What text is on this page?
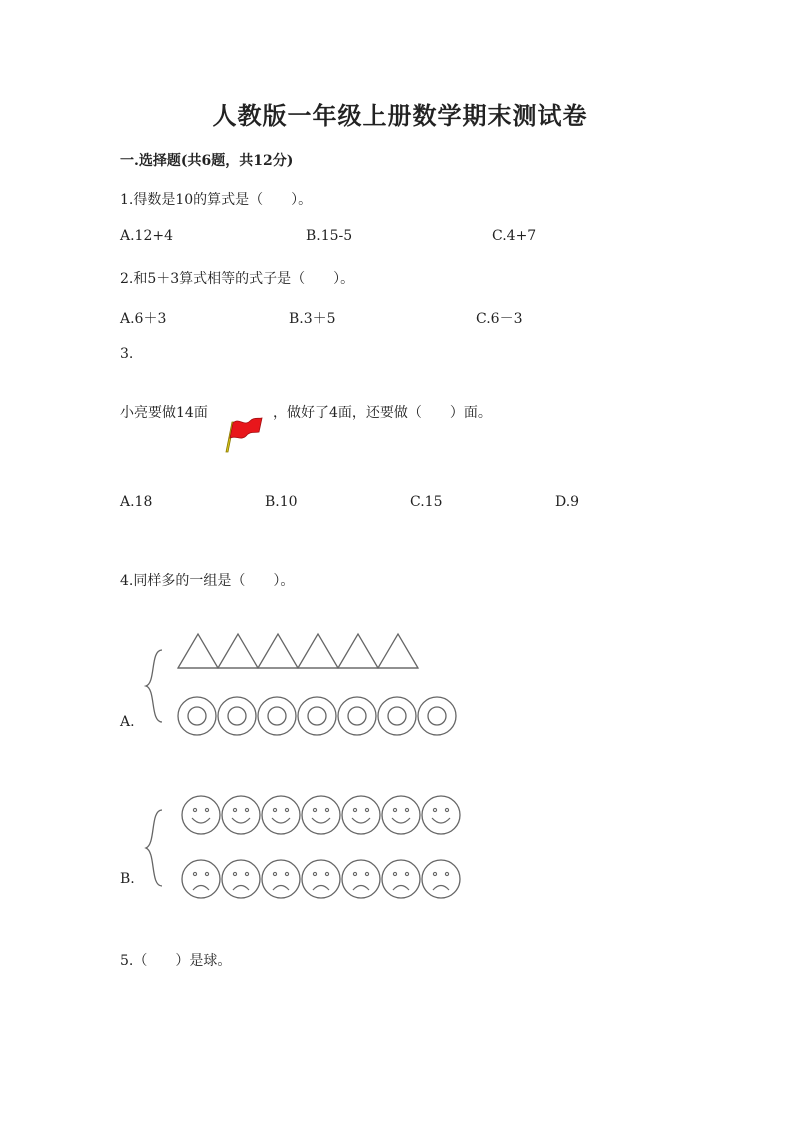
人教版一年级上册数学期末测试卷
一.选择题(共6题，共12分)
1.得数是10的算式是（　　）。
A.12+4	B.15-5	C.4+7
2.和5＋3算式相等的式子是（　　）。
A.6＋3	B.3＋5	C.6－3
3.
小亮要做14面	，做好了4面，还要做（　　）面。
A.18	B.10	C.15	D.9
4.同样多的一组是（　　）。
A.
B.
5.（　　）是球。
